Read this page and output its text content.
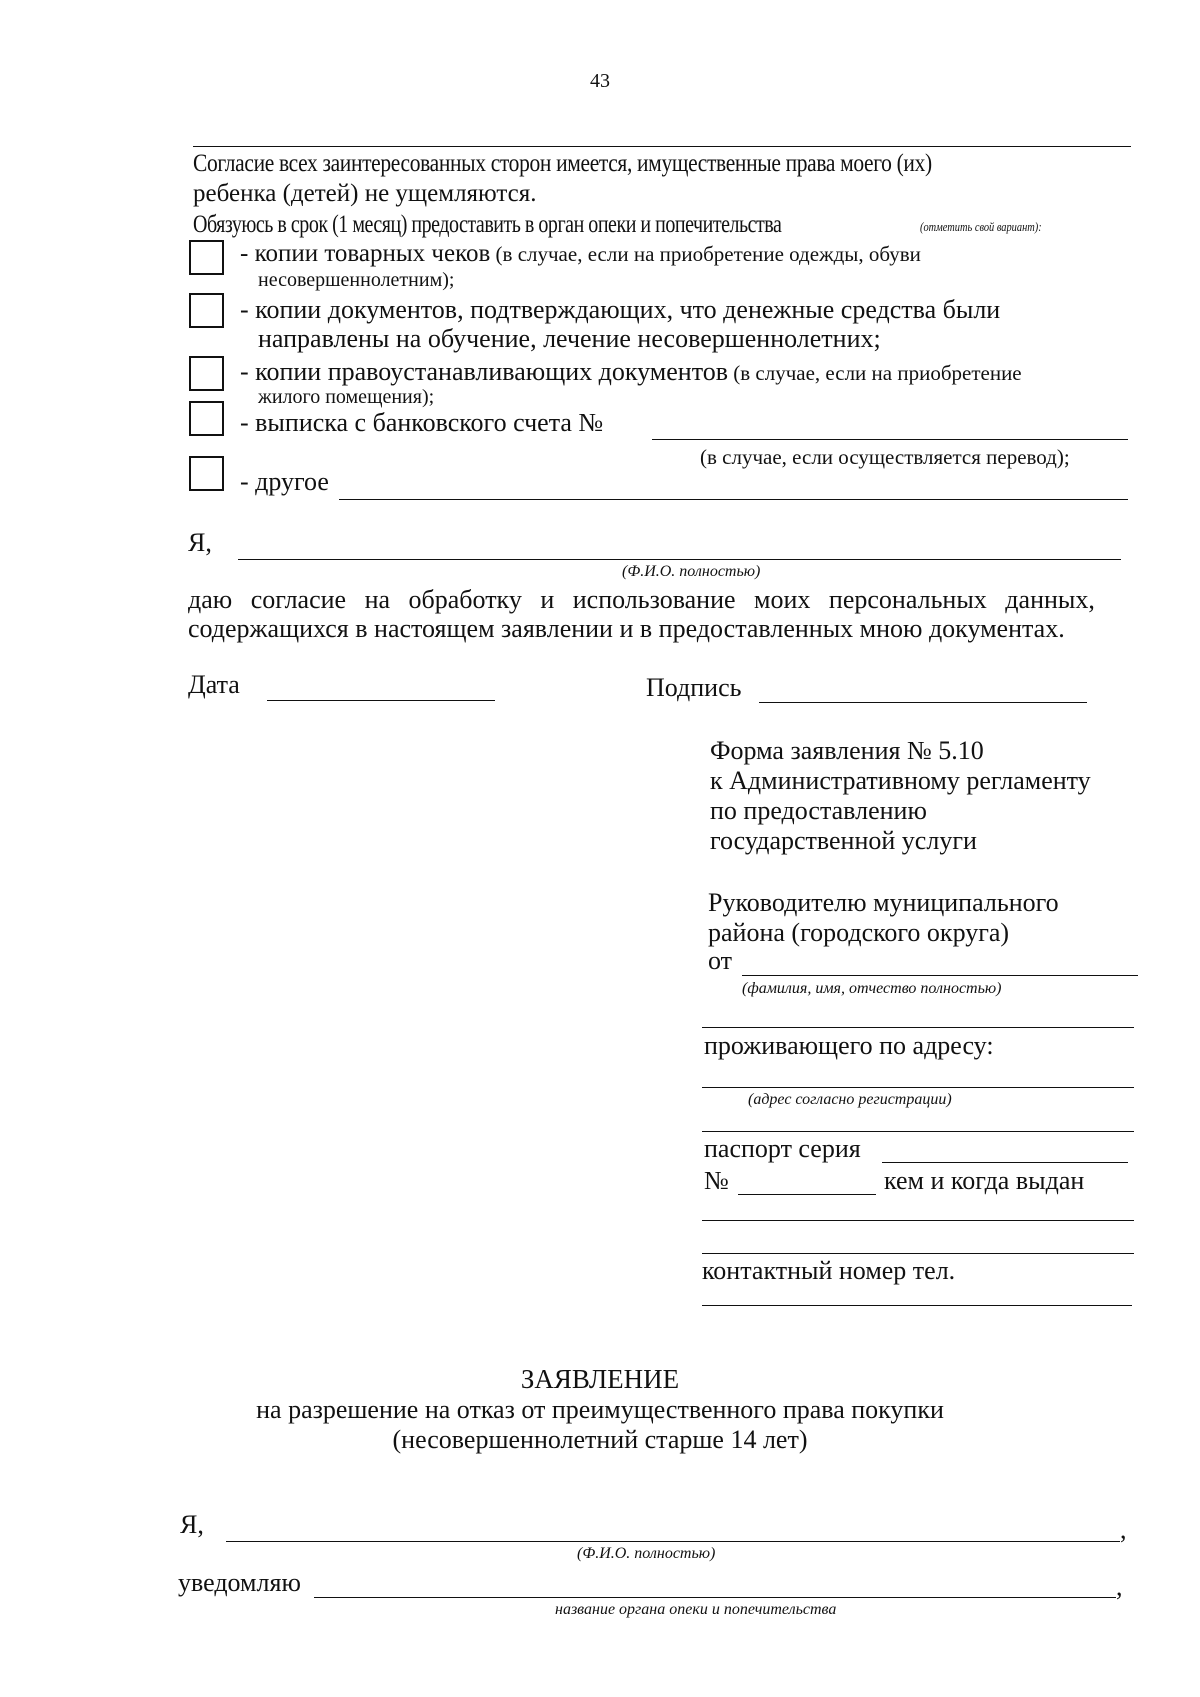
43
Согласие всех заинтересованных сторон имеется, имущественные права моего (их)
ребенка (детей) не ущемляются.
Обязуюсь в срок (1 месяц) предоставить в орган опеки и попечительства	(отметить свой вариант):
- копии товарных чеков (в случае, если на приобретение одежды, обуви
несовершеннолетним);
- копии документов, подтверждающих, что денежные средства были
направлены на обучение, лечение несовершеннолетних;
- копии правоустанавливающих документов (в случае, если на приобретение
жилого помещения);
- выписка с банковского счета №
(в случае, если осуществляется перевод);
- другое
Я,
(Ф.И.О. полностью)
даю согласие на обработку и использование моих персональных данных,
содержащихся в настоящем заявлении и в предоставленных мною документах.
Дата	Подпись
Форма заявления № 5.10
к Административному регламенту
по предоставлению
государственной услуги
Руководителю муниципального
района (городского округа)
от
(фамилия, имя, отчество полностью)
проживающего по адресу:
(адрес согласно регистрации)
паспорт серия
№	кем и когда выдан
контактный номер тел.
ЗАЯВЛЕНИЕ
на разрешение на отказ от преимущественного права покупки
(несовершеннолетний старше 14 лет)
Я,	,
(Ф.И.О. полностью)
уведомляю	,
название органа опеки и попечительства
